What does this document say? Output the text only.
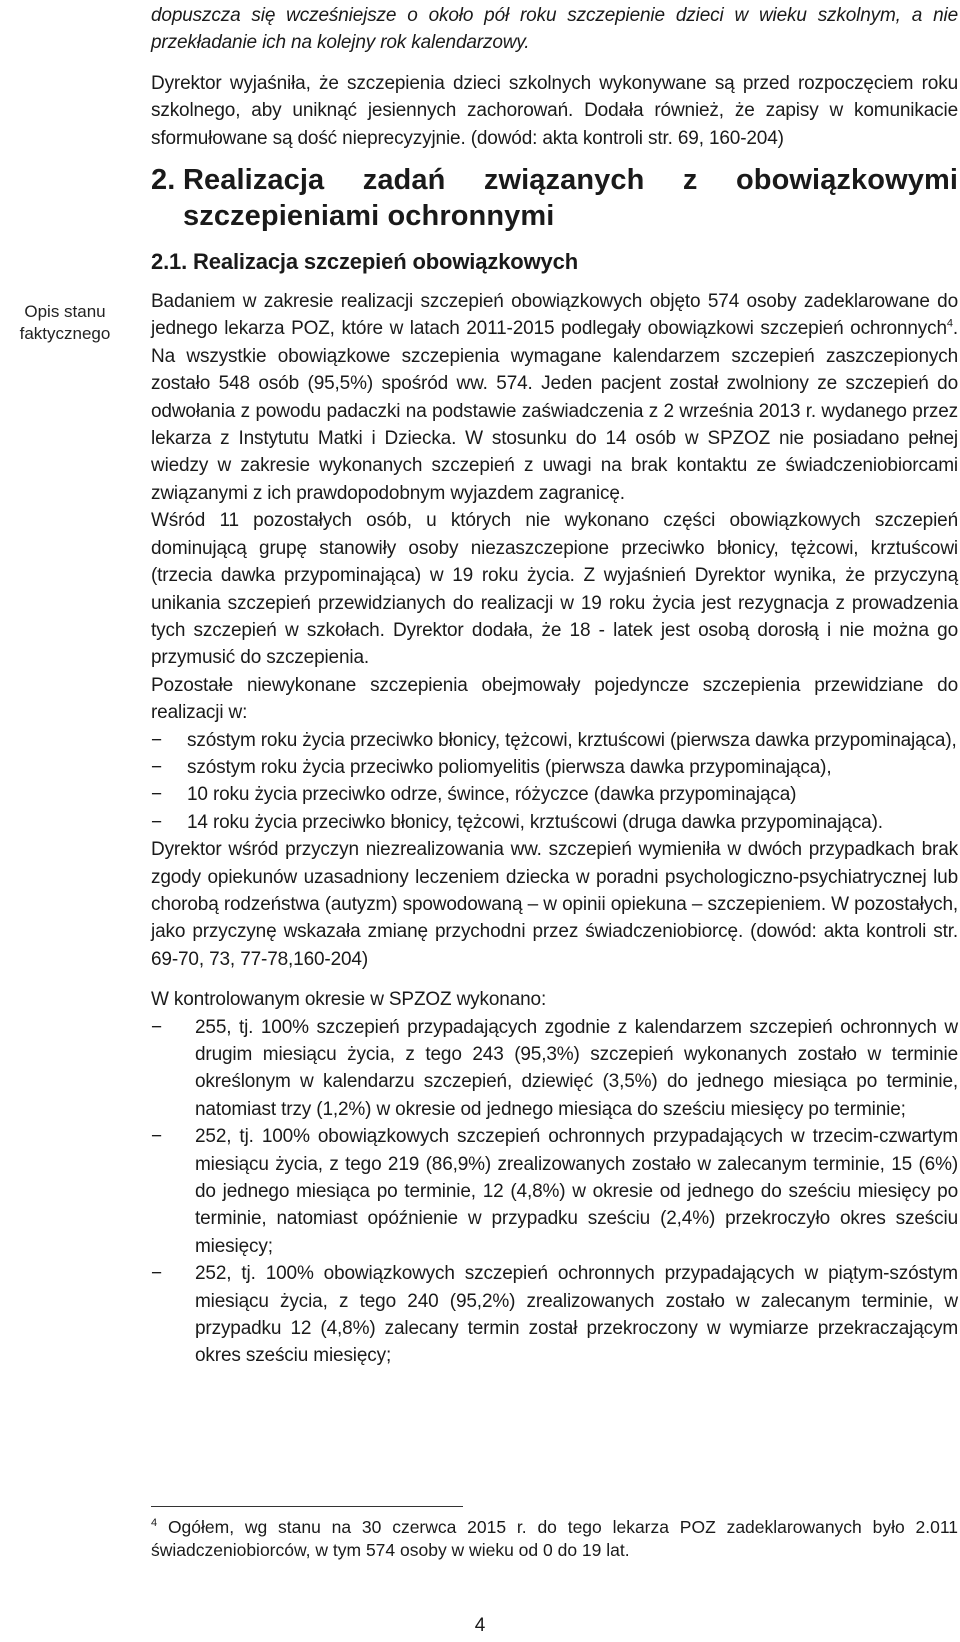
Opis stanu faktycznego

dopuszcza się wcześniejsze o około pół roku szczepienie dzieci w wieku szkolnym, a nie przekładanie ich na kolejny rok kalendarzowy.

Dyrektor wyjaśniła, że szczepienia dzieci szkolnych wykonywane są przed rozpoczęciem roku szkolnego, aby uniknąć jesiennych zachorowań. Dodała również, że zapisy w komunikacie sformułowane są dość nieprecyzyjnie. (dowód: akta kontroli str. 69, 160-204)

2. Realizacja zadań związanych z obowiązkowymi
szczepieniami ochronnymi
2.1. Realizacja szczepień obowiązkowych

Badaniem w zakresie realizacji szczepień obowiązkowych objęto 574 osoby zadeklarowane do jednego lekarza POZ, które w latach 2011-2015 podlegały obowiązkowi szczepień ochronnych$^4$. Na wszystkie obowiązkowe szczepienia wymagane kalendarzem szczepień zaszczepionych zostało 548 osób (95,5%) spośród ww. 574. Jeden pacjent został zwolniony ze szczepień do odwołania z powodu padaczki na podstawie zaświadczenia z 2 września 2013 r. wydanego przez lekarza z Instytutu Matki i Dziecka. W stosunku do 14 osób w SPZOZ nie posiadano pełnej wiedzy w zakresie wykonanych szczepień z uwagi na brak kontaktu ze świadczeniobiorcami związanymi z ich prawdopodobnym wyjazdem zagranicę.

Wśród 11 pozostałych osób, u których nie wykonano części obowiązkowych szczepień dominującą grupę stanowiły osoby niezaszczepione przeciwko błonicy, tężcowi, krztuścowi (trzecia dawka przypominająca) w 19 roku życia. Z wyjaśnień Dyrektor wynika, że przyczyną unikania szczepień przewidzianych do realizacji w 19 roku życia jest rezygnacja z prowadzenia tych szczepień w szkołach. Dyrektor dodała, że 18 - latek jest osobą dorosłą i nie można go przymusić do szczepienia.

Pozostałe niewykonane szczepienia obejmowały pojedyncze szczepienia przewidziane do realizacji w:

− szóstym roku życia przeciwko błonicy, tężcowi, krztuścowi (pierwsza dawka przypominająca),
− szóstym roku życia przeciwko poliomyelitis (pierwsza dawka przypominająca),
− 10 roku życia przeciwko odrze, śwince, różyczce (dawka przypominająca)
− 14 roku życia przeciwko błonicy, tężcowi, krztuścowi (druga dawka przypominająca).

Dyrektor wśród przyczyn niezrealizowania ww. szczepień wymieniła w dwóch przypadkach brak zgody opiekunów uzasadniony leczeniem dziecka w poradni psychologiczno-psychiatrycznej lub chorobą rodzeństwa (autyzm) spowodowaną – w opinii opiekuna – szczepieniem. W pozostałych, jako przyczynę wskazała zmianę przychodni przez świadczeniobiorcę. (dowód: akta kontroli str. 69-70, 73, 77-78,160-204)

W kontrolowanym okresie w SPZOZ wykonano:

− 255, tj. 100% szczepień przypadających zgodnie z kalendarzem szczepień ochronnych w drugim miesiącu życia, z tego 243 (95,3%) szczepień wykonanych zostało w terminie określonym w kalendarzu szczepień, dziewięć (3,5%) do jednego miesiąca po terminie, natomiast trzy (1,2%) w okresie od jednego miesiąca do sześciu miesięcy po terminie;
− 252, tj. 100% obowiązkowych szczepień ochronnych przypadających w trzecim-czwartym miesiącu życia, z tego 219 (86,9%) zrealizowanych zostało w zalecanym terminie, 15 (6%) do jednego miesiąca po terminie, 12 (4,8%) w okresie od jednego do sześciu miesięcy po terminie, natomiast opóźnienie w przypadku sześciu (2,4%) przekroczyło okres sześciu miesięcy;
− 252, tj. 100% obowiązkowych szczepień ochronnych przypadających w piątym-szóstym miesiącu życia, z tego 240 (95,2%) zrealizowanych zostało w zalecanym terminie, w przypadku 12 (4,8%) zalecany termin został przekroczony w wymiarze przekraczającym okres sześciu miesięcy;
$^4$ Ogółem, wg stanu na 30 czerwca 2015 r. do tego lekarza POZ zadeklarowanych było 2.011 świadczeniobiorców, w tym 574 osoby w wieku od 0 do 19 lat.
4
